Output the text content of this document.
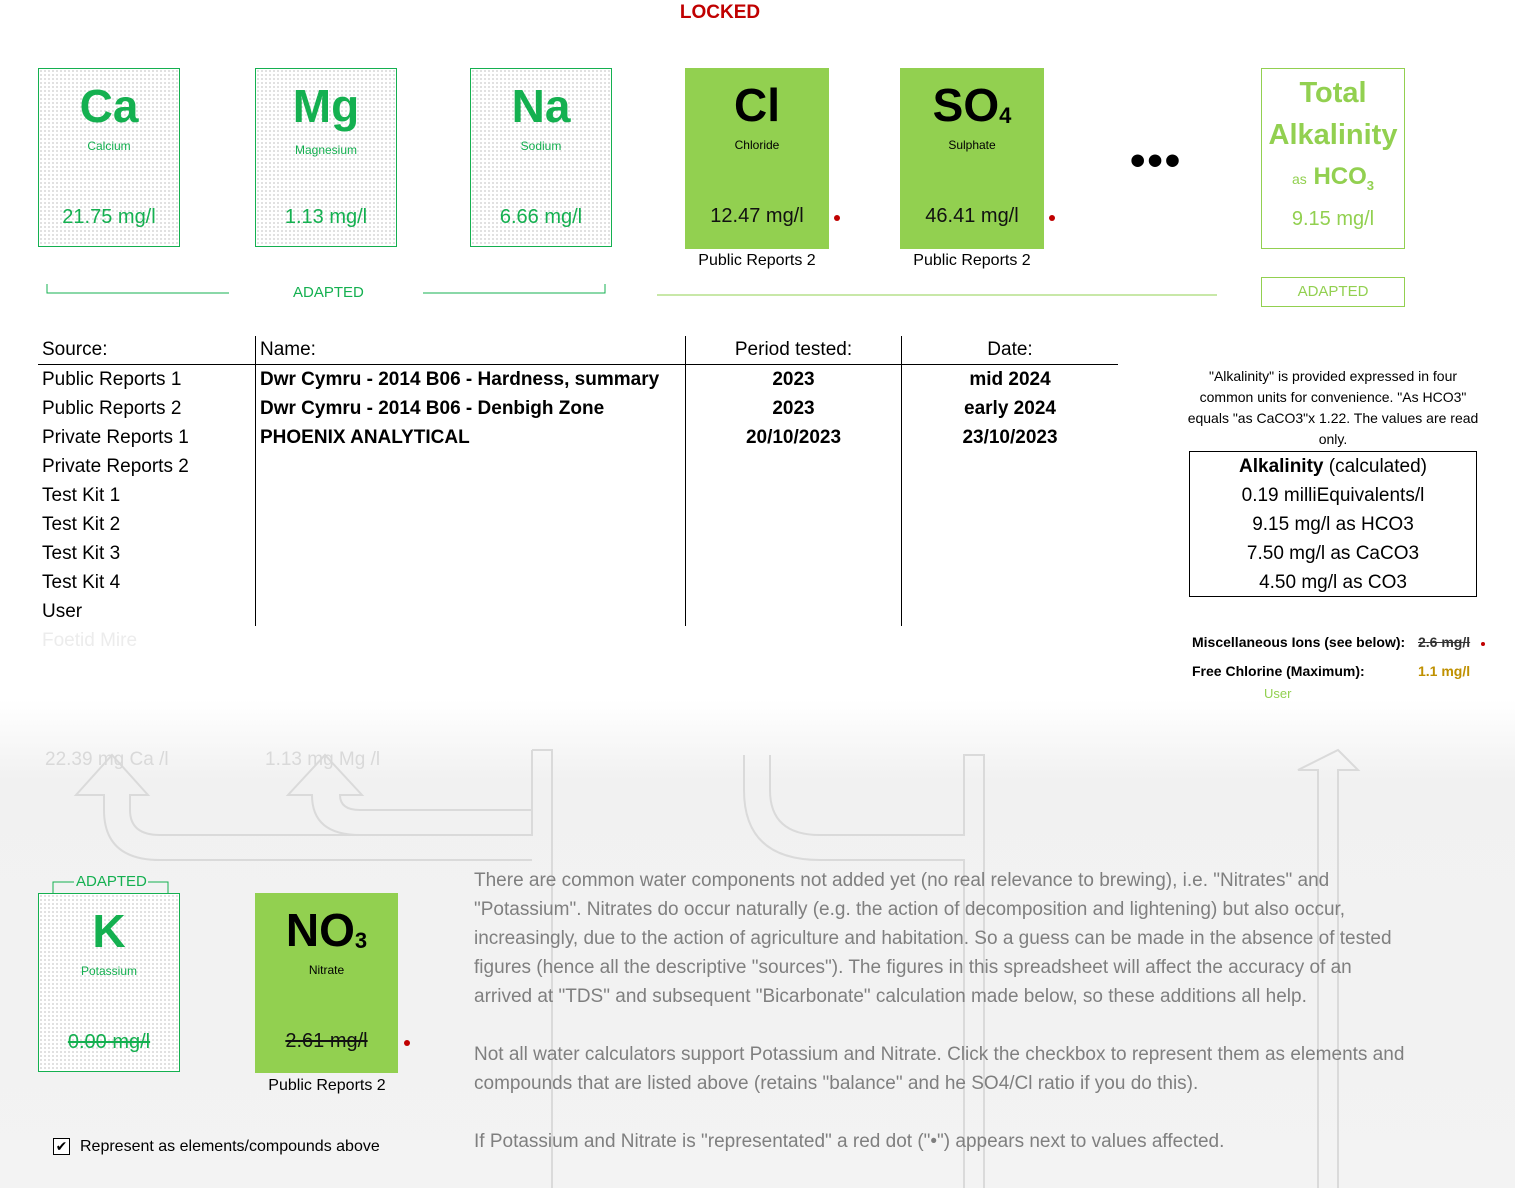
LOCKED
Ca
Calcium
21.75 mg/l
Mg
Magnesium
1.13 mg/l
Na
Sodium
6.66 mg/l
Cl
Chloride
12.47 mg/l
Public Reports 2
$SO_4$
Sulphate
46.41 mg/l
Public Reports 2
•••
Total
Alkalinity
as $HCO_3$
9.15 mg/l
ADAPTED
ADAPTED
Source:	Name:	Period tested:	Date:
Public Reports 1	Dwr Cymru - 2014 B06 - Hardness, summary	2023	mid 2024
Public Reports 2	Dwr Cymru - 2014 B06 - Denbigh Zone	2023	early 2024
Private Reports 1	PHOENIX ANALYTICAL	20/10/2023	23/10/2023
Private Reports 2			
Test Kit 1			
Test Kit 2			
Test Kit 3			
Test Kit 4			
User			
Foetid Mire
"Alkalinity" is provided expressed in four common units for convenience. "As HCO3" equals "as CaCO3"x 1.22. The values are read only.
Alkalinity (calculated)
0.19 milliEquivalents/l
9.15 mg/l as HCO3
7.50 mg/l as CaCO3
4.50 mg/l as CO3
Miscellaneous Ions (see below): 2.6 mg/l
Free Chlorine (Maximum):	1.1 mg/l
User
22.39 mg Ca /l	1.13 mg Mg /l
ADAPTED
K
Potassium
0.00 mg/l
$NO_3$
Nitrate
2.61 mg/l
Public Reports 2

There are common water components not added yet (no real relevance to brewing), i.e. "Nitrates" and "Potassium". Nitrates do occur naturally (e.g. the action of decomposition and lightening) but also occur, increasingly, due to the action of agriculture and habitation. So a guess can be made in the absence of tested figures (hence all the descriptive "sources"). The figures in this spreadsheet will affect the accuracy of an arrived at "TDS" and subsequent "Bicarbonate" calculation made below, so these additions all help.

Not all water calculators support Potassium and Nitrate. Click the checkbox to represent them as elements and compounds that are listed above (retains "balance" and he SO4/Cl ratio if you do this).

If Potassium and Nitrate is "representated" a red dot ("•") appears next to values affected.

✔ Represent as elements/compounds above
